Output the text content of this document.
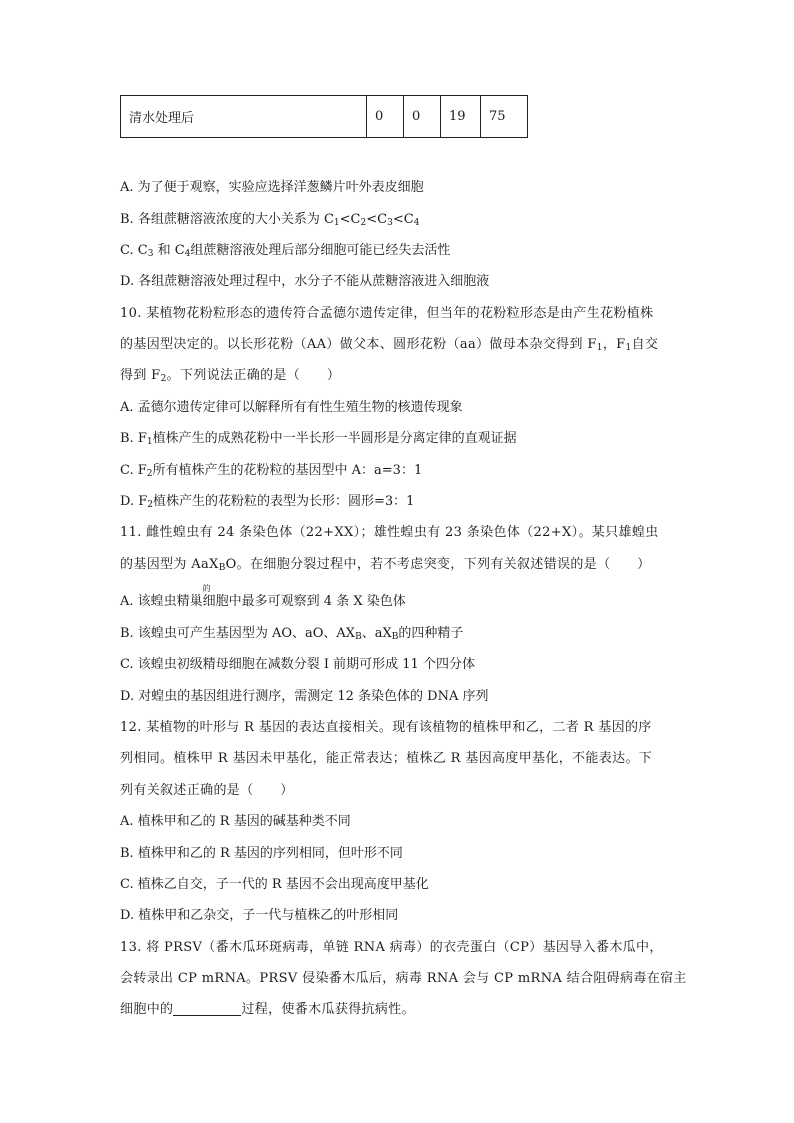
清水处理后	0	0	19	75
A. 为了便于观察，实验应选择洋葱鳞片叶外表皮细胞
B. 各组蔗糖溶液浓度的大小关系为 $C_1<C_2<C_3<C_4$
C. $C_3$ 和 $C_4$组蔗糖溶液处理后部分细胞可能已经失去活性
D. 各组蔗糖溶液处理过程中，水分子不能从蔗糖溶液进入细胞液
10. 某植物花粉粒形态的遗传符合孟德尔遗传定律，但当年的花粉粒形态是由产生花粉植株
的基因型决定的。以长形花粉（AA）做父本、圆形花粉（aa）做母本杂交得到 $F_1$，$F_1$自交
得到 $F_2$。下列说法正确的是（　　）
A. 孟德尔遗传定律可以解释所有有性生殖生物的核遗传现象
B. $F_1$植株产生的成熟花粉中一半长形一半圆形是分离定律的直观证据
C. $F_2$所有植株产生的花粉粒的基因型中 A：a=3：1
D. $F_2$植株产生的花粉粒的表型为长形：圆形=3：1
11. 雌性蝗虫有 24 条染色体（22+XX）；雄性蝗虫有 23 条染色体（22+X）。某只雄蝗虫
的基因型为 AaX$_B$O。在细胞分裂过程中，若不考虑突变，下列有关叙述错误的是（　　）
A. 该蝗虫精巢
的
细胞中最多可观察到 4 条 X 染色体
B. 该蝗虫可产生基因型为 AO、aO、$AX_B$、$aX_B$的四种精子
C. 该蝗虫初级精母细胞在减数分裂 I 前期可形成 11 个四分体
D. 对蝗虫的基因组进行测序，需测定 12 条染色体的 DNA 序列
12. 某植物的叶形与 R 基因的表达直接相关。现有该植物的植株甲和乙，二者 R 基因的序
列相同。植株甲 R 基因未甲基化，能正常表达；植株乙 R 基因高度甲基化，不能表达。下
列有关叙述正确的是（　　）
A. 植株甲和乙的 R 基因的碱基种类不同
B. 植株甲和乙的 R 基因的序列相同，但叶形不同
C. 植株乙自交，子一代的 R 基因不会出现高度甲基化
D. 植株甲和乙杂交，子一代与植株乙的叶形相同
13. 将 PRSV（番木瓜环斑病毒，单链 RNA 病毒）的衣壳蛋白（CP）基因导入番木瓜中，
会转录出 CP mRNA。PRSV 侵染番木瓜后，病毒 RNA 会与 CP mRNA 结合阻碍病毒在宿主
细胞中的	过程，使番木瓜获得抗病性。
